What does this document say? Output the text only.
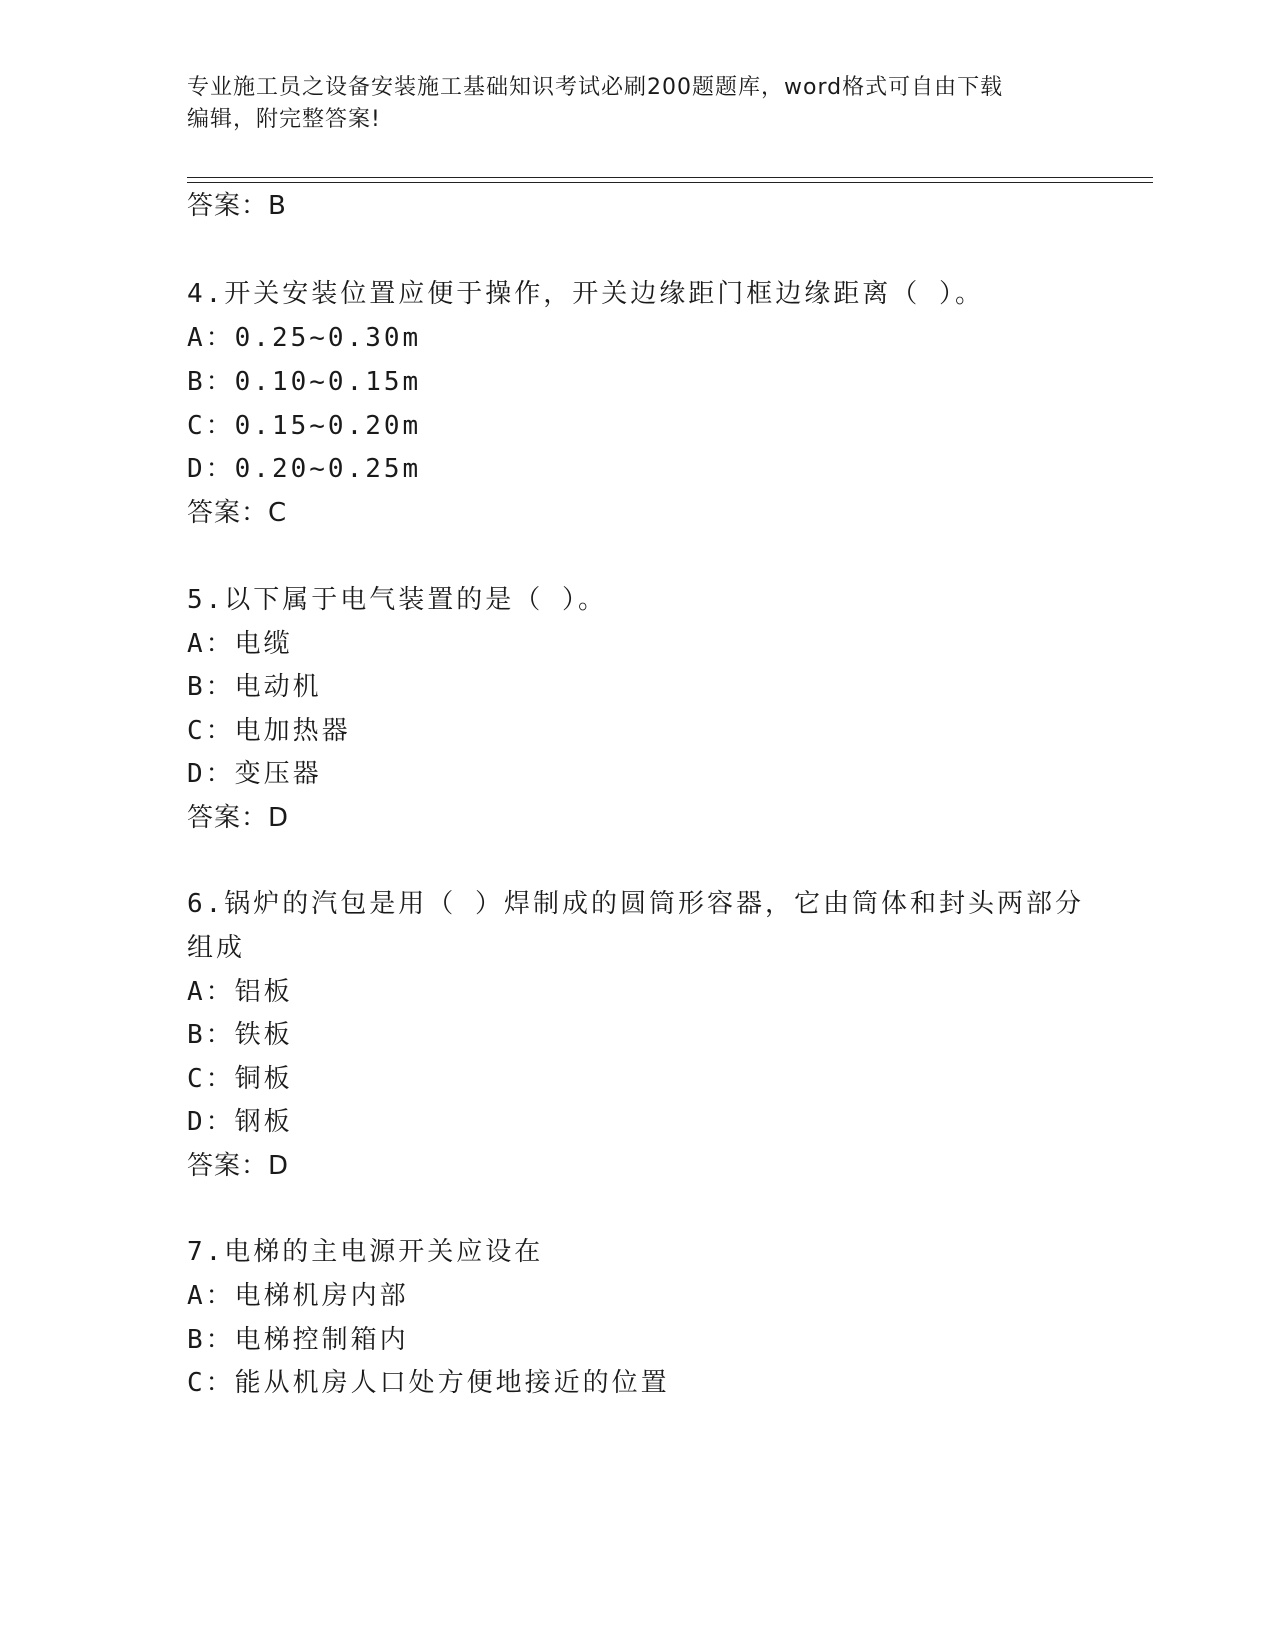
专业施工员之设备安装施工基础知识考试必刷200题题库，word格式可自由下载
编辑，附完整答案!
答案：B
4.开关安装位置应便于操作，开关边缘距门框边缘距离（ ）。
A：0.25~0.30m
B：0.10~0.15m
C：0.15~0.20m
D：0.20~0.25m
答案：C
5.以下属于电气装置的是（ ）。
A：电缆
B：电动机
C：电加热器
D：变压器
答案：D
6.锅炉的汽包是用（ ）焊制成的圆筒形容器，它由筒体和封头两部分
组成
A：铝板
B：铁板
C：铜板
D：钢板
答案：D
7.电梯的主电源开关应设在
A：电梯机房内部
B：电梯控制箱内
C：能从机房人口处方便地接近的位置
